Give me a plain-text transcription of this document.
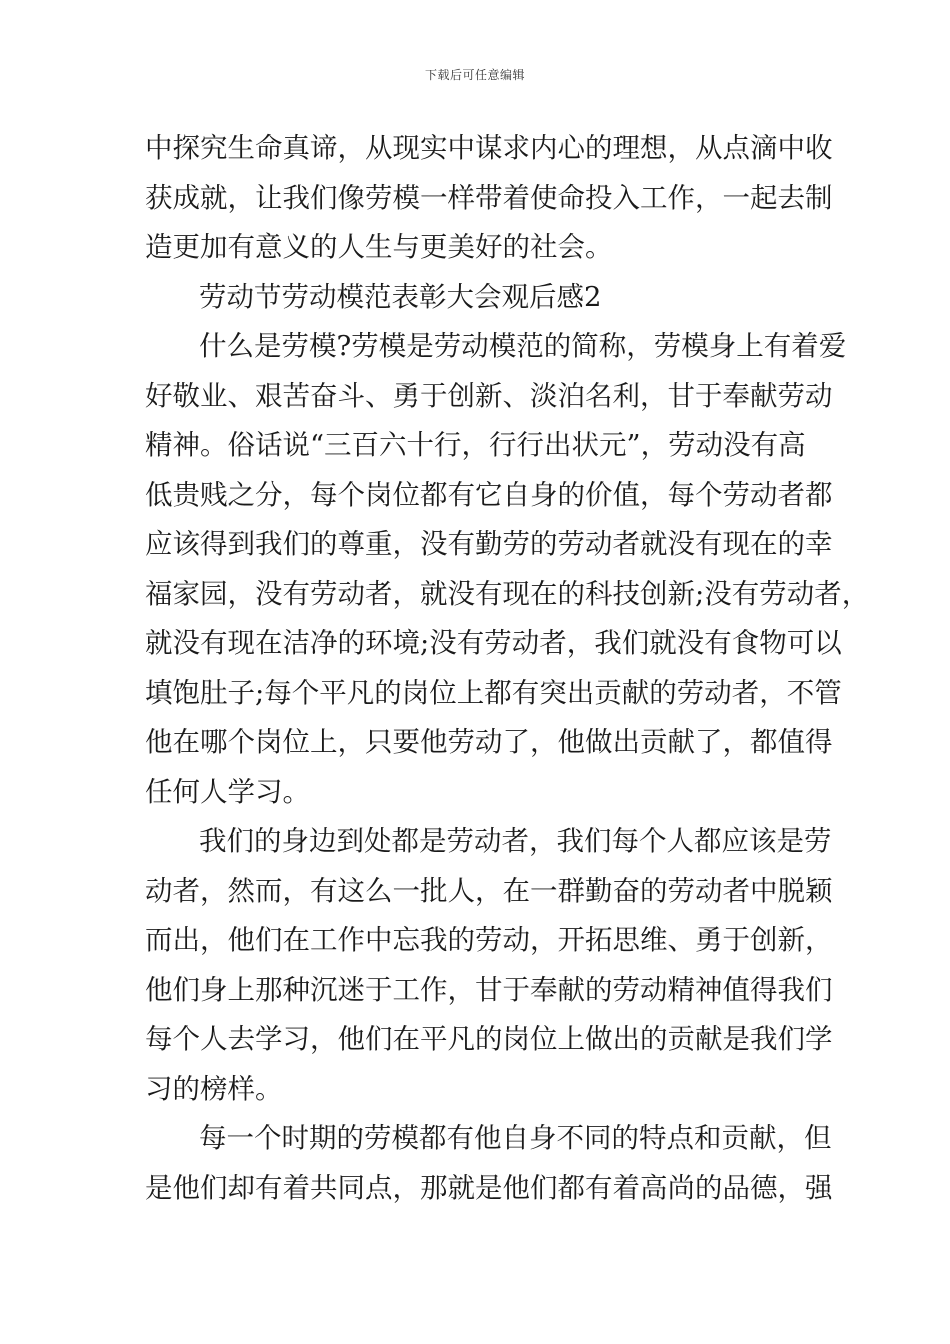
下载后可任意编辑
中探究生命真谛，从现实中谋求内心的理想，从点滴中收
获成就，让我们像劳模一样带着使命投入工作，一起去制
造更加有意义的人生与更美好的社会。
劳动节劳动模范表彰大会观后感2
什么是劳模?劳模是劳动模范的简称，劳模身上有着爱
好敬业、艰苦奋斗、勇于创新、淡泊名利，甘于奉献劳动
精神。俗话说“三百六十行，行行出状元”，劳动没有高
低贵贱之分，每个岗位都有它自身的价值，每个劳动者都
应该得到我们的尊重，没有勤劳的劳动者就没有现在的幸
福家园，没有劳动者，就没有现在的科技创新;没有劳动者，
就没有现在洁净的环境;没有劳动者，我们就没有食物可以
填饱肚子;每个平凡的岗位上都有突出贡献的劳动者，不管
他在哪个岗位上，只要他劳动了，他做出贡献了，都值得
任何人学习。
我们的身边到处都是劳动者，我们每个人都应该是劳
动者，然而，有这么一批人，在一群勤奋的劳动者中脱颖
而出，他们在工作中忘我的劳动，开拓思维、勇于创新，
他们身上那种沉迷于工作，甘于奉献的劳动精神值得我们
每个人去学习，他们在平凡的岗位上做出的贡献是我们学
习的榜样。
每一个时期的劳模都有他自身不同的特点和贡献，但
是他们却有着共同点，那就是他们都有着高尚的品德，强
